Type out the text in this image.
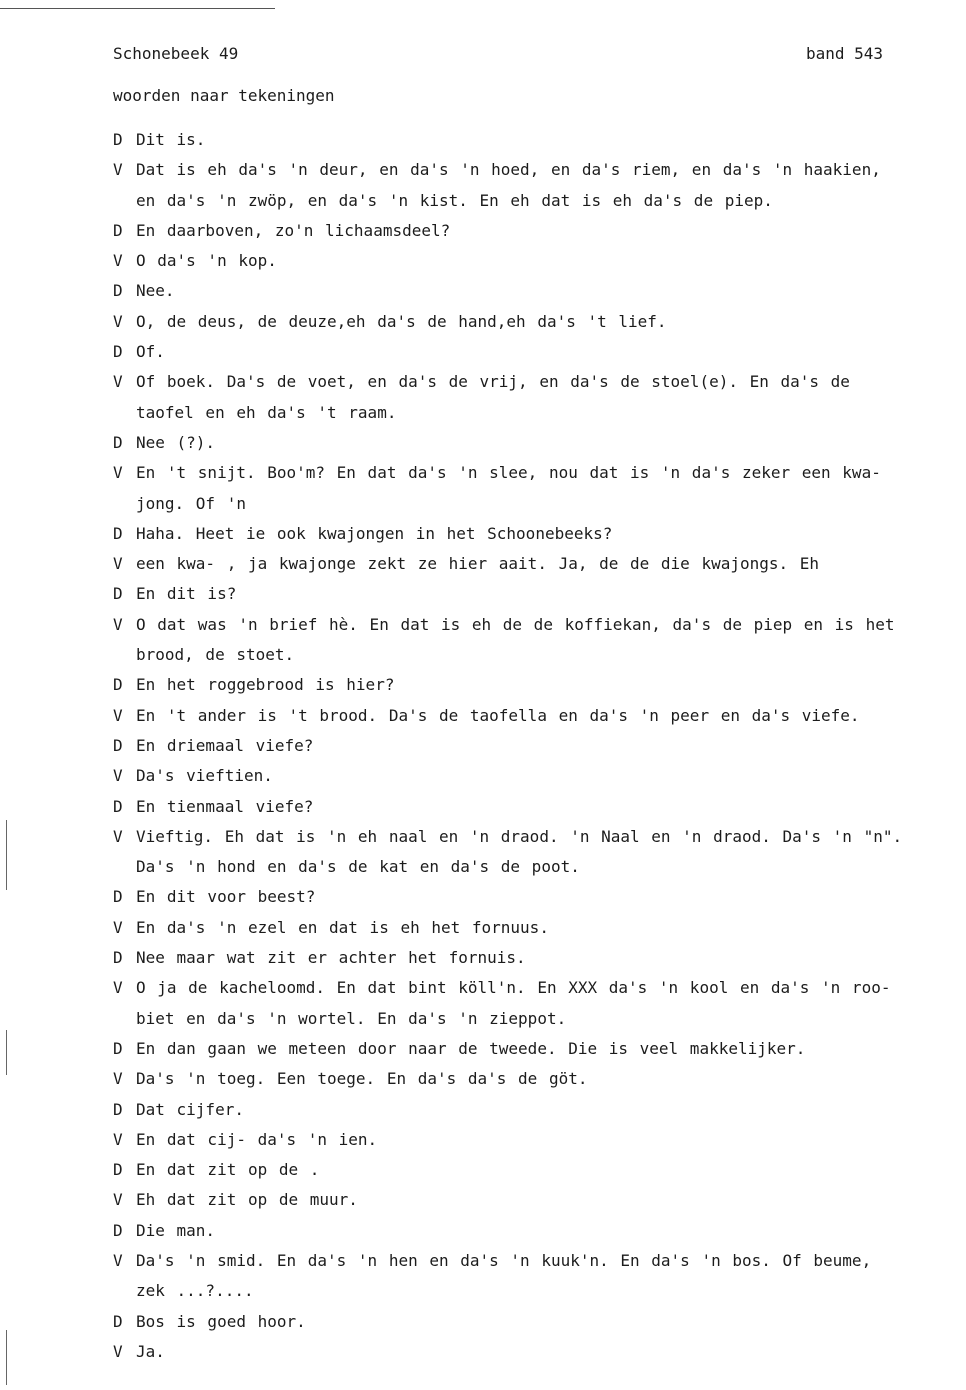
Schonebeek 49	band 543
woorden naar tekeningen
D Dit is.
V Dat is eh da's 'n deur, en da's 'n hoed, en da's riem, en da's 'n haakien,
en da's 'n zwöp, en da's 'n kist. En eh dat is eh da's de piep.
D En daarboven, zo'n lichaamsdeel?
V O da's 'n kop.
D Nee.
V O, de deus, de deuze,eh da's de hand,eh da's 't lief.
D Of.
V Of boek. Da's de voet, en da's de vrij, en da's de stoel(e). En da's de
taofel en eh da's 't raam.
D Nee (?).
V En 't snijt. Boo'm? En dat da's 'n slee, nou dat is 'n da's zeker een kwa-
jong. Of 'n
D Haha. Heet ie ook kwajongen in het Schoonebeeks?
V een kwa- , ja kwajonge zekt ze hier aait. Ja, de de die kwajongs. Eh
D En dit is?
V O dat was 'n brief hè. En dat is eh de de koffiekan, da's de piep en is het
brood, de stoet.
D En het roggebrood is hier?
V En 't ander is 't brood. Da's de taofella en da's 'n peer en da's viefe.
D En driemaal viefe?
V Da's vieftien.
D En tienmaal viefe?
V Vieftig. Eh dat is 'n eh naal en 'n draod. 'n Naal en 'n draod. Da's 'n "n".
Da's 'n hond en da's de kat en da's de poot.
D En dit voor beest?
V En da's 'n ezel en dat is eh het fornuus.
D Nee maar wat zit er achter het fornuis.
V O ja de kacheloomd. En dat bint köll'n. En XXX da's 'n kool en da's 'n roo-
biet en da's 'n wortel. En da's 'n zieppot.
D En dan gaan we meteen door naar de tweede. Die is veel makkelijker.
V Da's 'n toeg. Een toege. En da's da's de göt.
D Dat cijfer.
V En dat cij- da's 'n ien.
D En dat zit op de .
V Eh dat zit op de muur.
D Die man.
V Da's 'n smid. En da's 'n hen en da's 'n kuuk'n. En da's 'n bos. Of beume,
zek ...?....
D Bos is goed hoor.
V Ja.
